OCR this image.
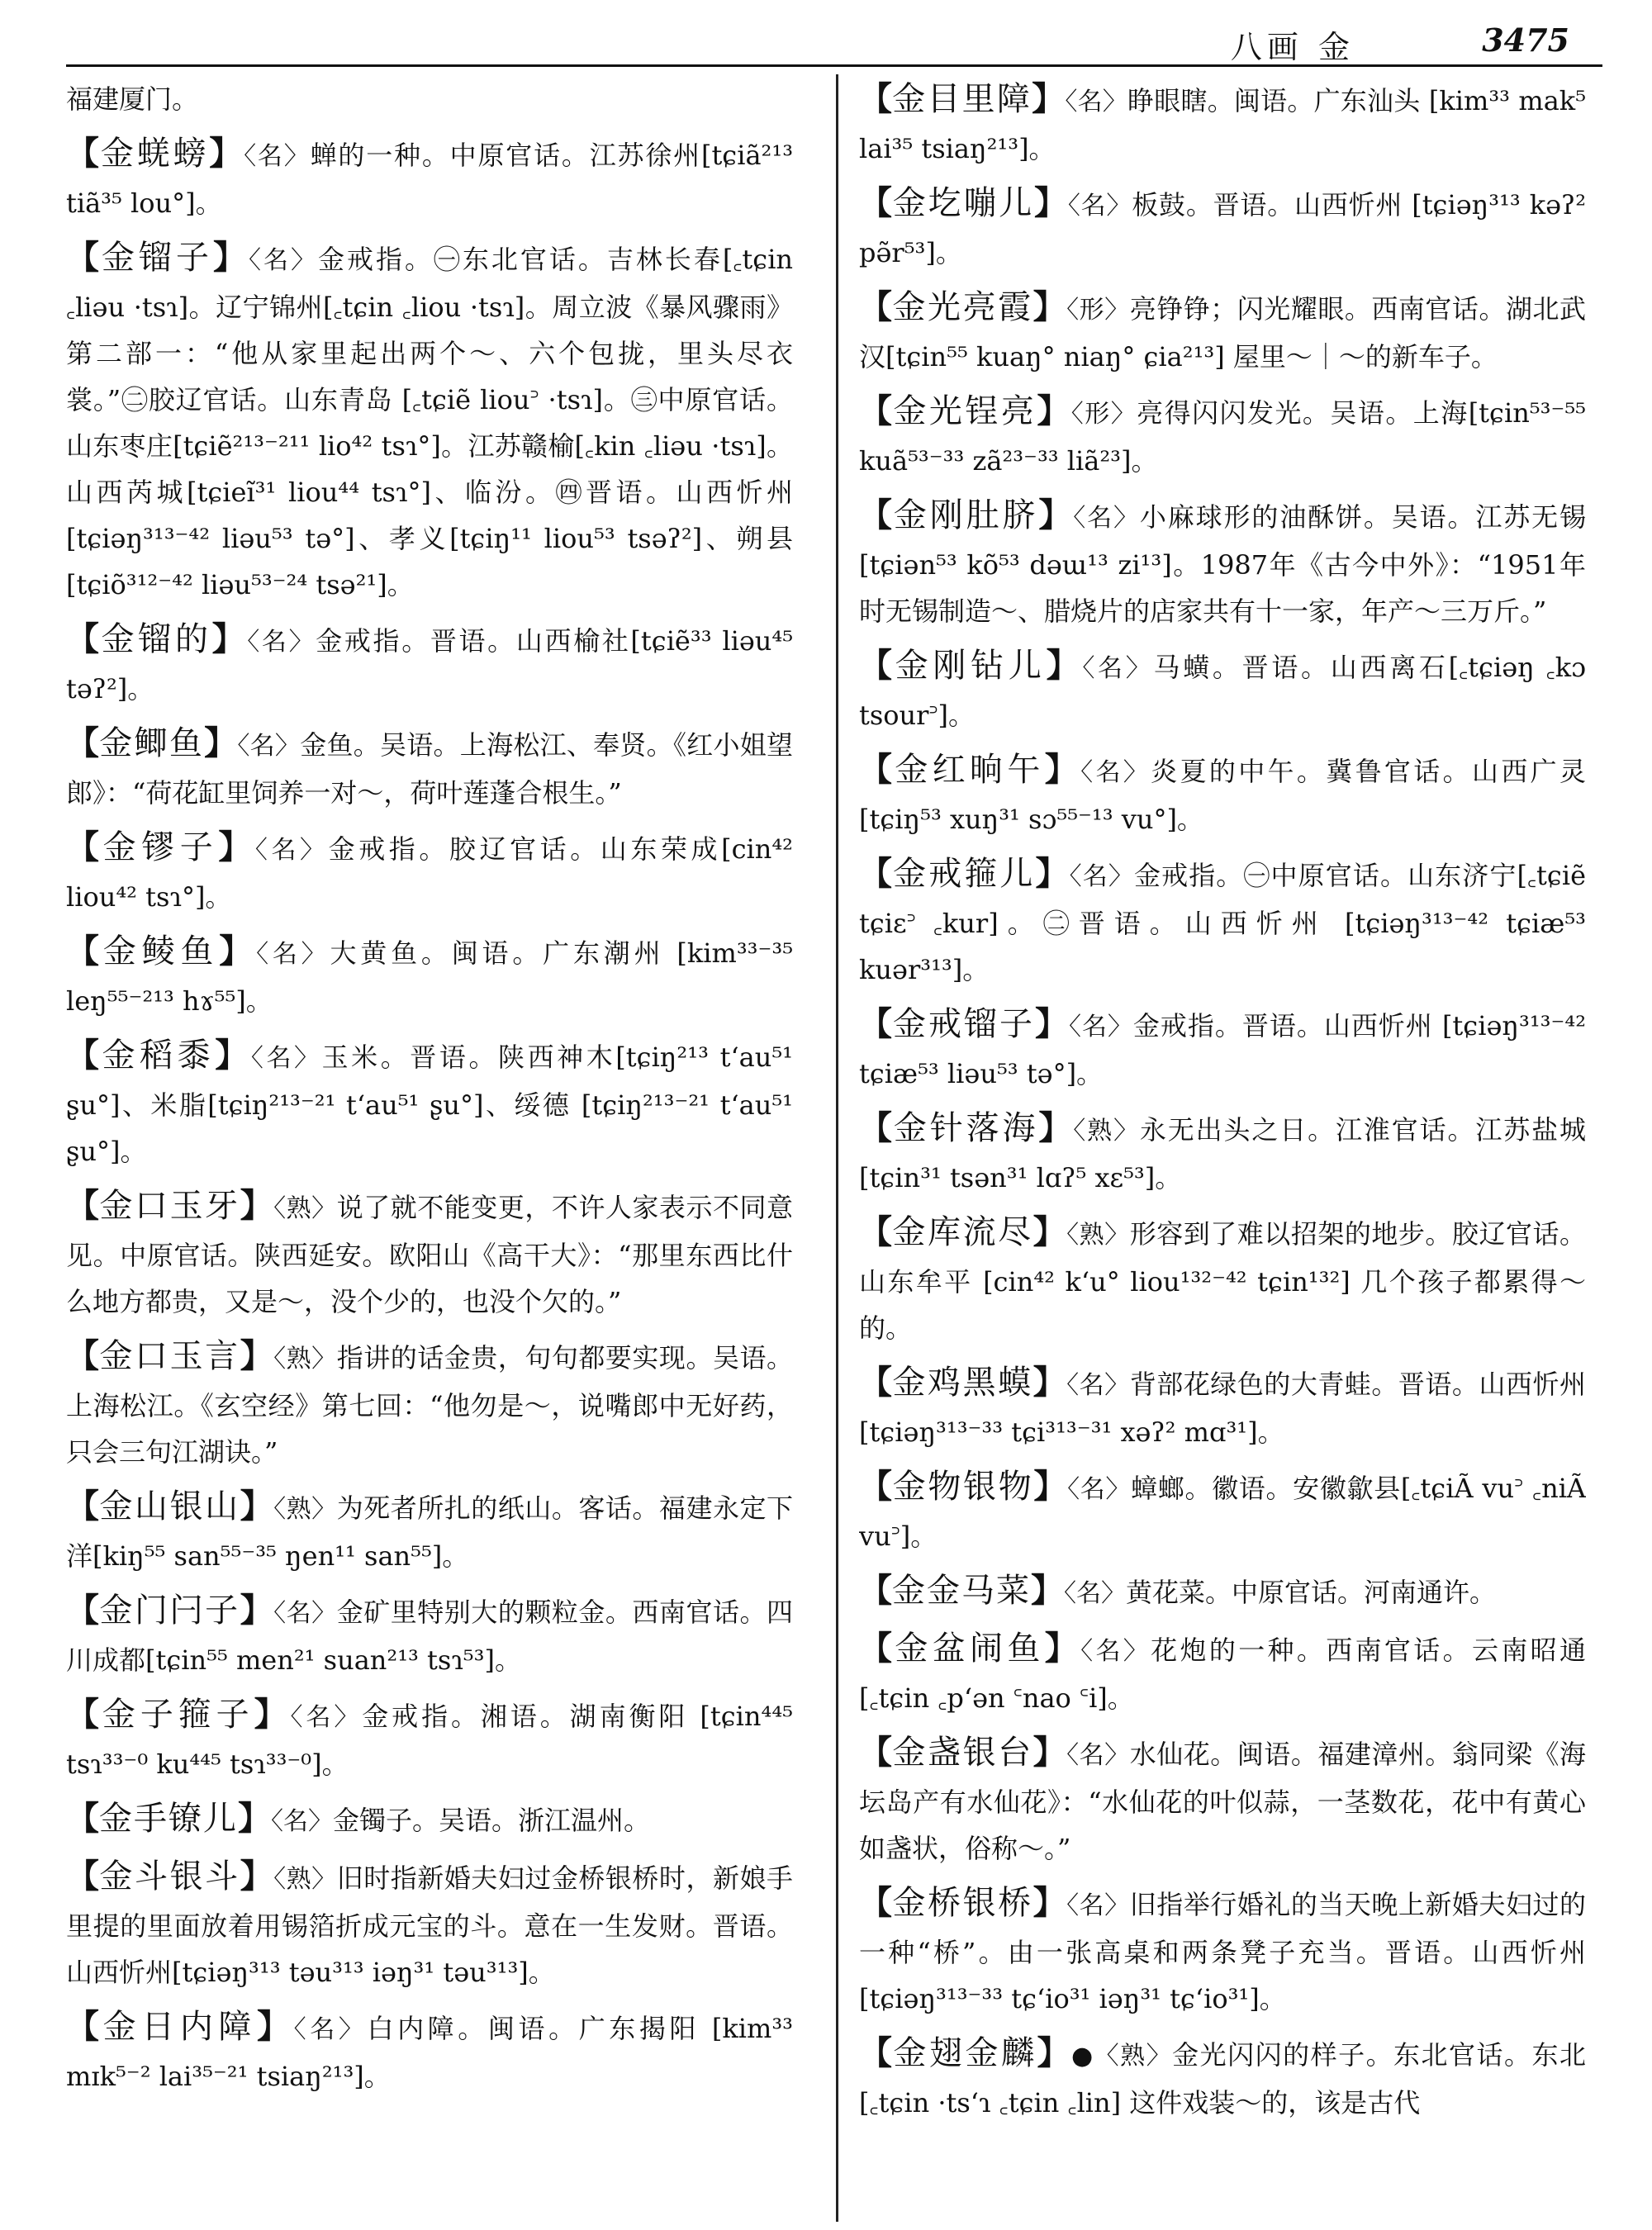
八画 金	3475
福建厦门。
【金蜣螃】〈名〉蝉的一种。中原官话。江苏徐州[tɕiã²¹³ tiã³⁵ lou°]。
【金镏子】〈名〉金戒指。㊀东北官话。吉林长春[꜀tɕin ꜀liəu ·tsɿ]。辽宁锦州[꜀tɕin ꜀liou ·tsɿ]。周立波《暴风骤雨》第二部一：“他从家里起出两个～、六个包拢，里头尽衣裳。”㊁胶辽官话。山东青岛 [꜀tɕiẽ liou꜄ ·tsɿ]。㊂中原官话。山东枣庄[tɕiẽ²¹³⁻²¹¹ lio⁴² tsɿ°]。江苏赣榆[꜀kin ꜀liəu ·tsɿ]。山西芮城[tɕieĩ³¹ liou⁴⁴ tsɿ°]、临汾。㊃晋语。山西忻州 [tɕiəŋ³¹³⁻⁴² liəu⁵³ tə°]、孝义[tɕiŋ¹¹ liou⁵³ tsəʔ²]、朔县[tɕiõ³¹²⁻⁴² liəu⁵³⁻²⁴ tsə²¹]。
【金镏的】〈名〉金戒指。晋语。山西榆社[tɕiẽ³³ liəu⁴⁵ təʔ²]。
【金鲫鱼】〈名〉金鱼。吴语。上海松江、奉贤。《红小姐望郎》：“荷花缸里饲养一对～，荷叶莲蓬合根生。”
【金镠子】〈名〉金戒指。胶辽官话。山东荣成[cin⁴² liou⁴² tsɿ°]。
【金鲮鱼】〈名〉大黄鱼。闽语。广东潮州 [kim³³⁻³⁵ leŋ⁵⁵⁻²¹³ hɤ⁵⁵]。
【金稻黍】〈名〉玉米。晋语。陕西神木[tɕiŋ²¹³ tʻau⁵¹ ʂu°]、米脂[tɕiŋ²¹³⁻²¹ tʻau⁵¹ ʂu°]、绥德 [tɕiŋ²¹³⁻²¹ tʻau⁵¹ ʂu°]。
【金口玉牙】〈熟〉说了就不能变更，不许人家表示不同意见。中原官话。陕西延安。欧阳山《高干大》：“那里东西比什么地方都贵，又是～，没个少的，也没个欠的。”
【金口玉言】〈熟〉指讲的话金贵，句句都要实现。吴语。上海松江。《玄空经》第七回：“他勿是～，说嘴郎中无好药，只会三句江湖诀。”
【金山银山】〈熟〉为死者所扎的纸山。客话。福建永定下洋[kiŋ⁵⁵ san⁵⁵⁻³⁵ ŋen¹¹ san⁵⁵]。
【金门闩子】〈名〉金矿里特别大的颗粒金。西南官话。四川成都[tɕin⁵⁵ men²¹ suan²¹³ tsɿ⁵³]。
【金子箍子】〈名〉金戒指。湘语。湖南衡阳 [tɕin⁴⁴⁵ tsɿ³³⁻⁰ ku⁴⁴⁵ tsɿ³³⁻⁰]。
【金手镣儿】〈名〉金镯子。吴语。浙江温州。
【金斗银斗】〈熟〉旧时指新婚夫妇过金桥银桥时，新娘手里提的里面放着用锡箔折成元宝的斗。意在一生发财。晋语。山西忻州[tɕiəŋ³¹³ təu³¹³ iəŋ³¹ təu³¹³]。
【金日内障】〈名〉白内障。闽语。广东揭阳 [kim³³ mɪk⁵⁻² lai³⁵⁻²¹ tsiaŋ²¹³]。
【金目里障】〈名〉睁眼瞎。闽语。广东汕头 [kim³³ mak⁵ lai³⁵ tsiaŋ²¹³]。
【金圪嘣儿】〈名〉板鼓。晋语。山西忻州 [tɕiəŋ³¹³ kəʔ² pə̃r⁵³]。
【金光亮霞】〈形〉亮铮铮；闪光耀眼。西南官话。湖北武汉[tɕin⁵⁵ kuaŋ° niaŋ° ɕia²¹³] 屋里～｜～的新车子。
【金光锃亮】〈形〉亮得闪闪发光。吴语。上海[tɕin⁵³⁻⁵⁵ kuã⁵³⁻³³ zã²³⁻³³ liã²³]。
【金刚肚脐】〈名〉小麻球形的油酥饼。吴语。江苏无锡 [tɕiən⁵³ kõ⁵³ dəɯ¹³ zi¹³]。1987年《古今中外》：“1951年时无锡制造～、腊烧片的店家共有十一家，年产～三万斤。”
【金刚钻儿】〈名〉马蟥。晋语。山西离石[꜀tɕiəŋ ꜀kɔ tsour꜄]。
【金红晌午】〈名〉炎夏的中午。冀鲁官话。山西广灵[tɕiŋ⁵³ xuŋ³¹ sɔ⁵⁵⁻¹³ vu°]。
【金戒箍儿】〈名〉金戒指。㊀中原官话。山东济宁[꜀tɕiẽ tɕiɛ꜄ ꜀kur]。㊁晋语。山西忻州 [tɕiəŋ³¹³⁻⁴² tɕiæ⁵³ kuər³¹³]。
【金戒镏子】〈名〉金戒指。晋语。山西忻州 [tɕiəŋ³¹³⁻⁴² tɕiæ⁵³ liəu⁵³ tə°]。
【金针落海】〈熟〉永无出头之日。江淮官话。江苏盐城[tɕin³¹ tsən³¹ lɑʔ⁵ xɛ⁵³]。
【金库流尽】〈熟〉形容到了难以招架的地步。胶辽官话。山东牟平 [cin⁴² kʻu° liou¹³²⁻⁴² tɕin¹³²] 几个孩子都累得～的。
【金鸡黑蟆】〈名〉背部花绿色的大青蛙。晋语。山西忻州[tɕiəŋ³¹³⁻³³ tɕi³¹³⁻³¹ xəʔ² mɑ³¹]。
【金物银物】〈名〉蟑螂。徽语。安徽歙县[꜀tɕiÃ vu꜄ ꜀niÃ vu꜄]。
【金金马菜】〈名〉黄花菜。中原官话。河南通许。
【金盆闹鱼】〈名〉花炮的一种。西南官话。云南昭通[꜀tɕin ꜀pʻən ꜂nao ꜂i]。
【金盏银台】〈名〉水仙花。闽语。福建漳州。翁同梁《海坛岛产有水仙花》：“水仙花的叶似蒜，一茎数花，花中有黄心如盏状，俗称～。”
【金桥银桥】〈名〉旧指举行婚礼的当天晚上新婚夫妇过的一种“桥”。由一张高桌和两条凳子充当。晋语。山西忻州[tɕiəŋ³¹³⁻³³ tɕʻio³¹ iəŋ³¹ tɕʻio³¹]。
【金翅金麟】●〈熟〉金光闪闪的样子。东北官话。东北[꜀tɕin ·tsʻɿ ꜀tɕin ꜀lin] 这件戏装～的，该是古代
